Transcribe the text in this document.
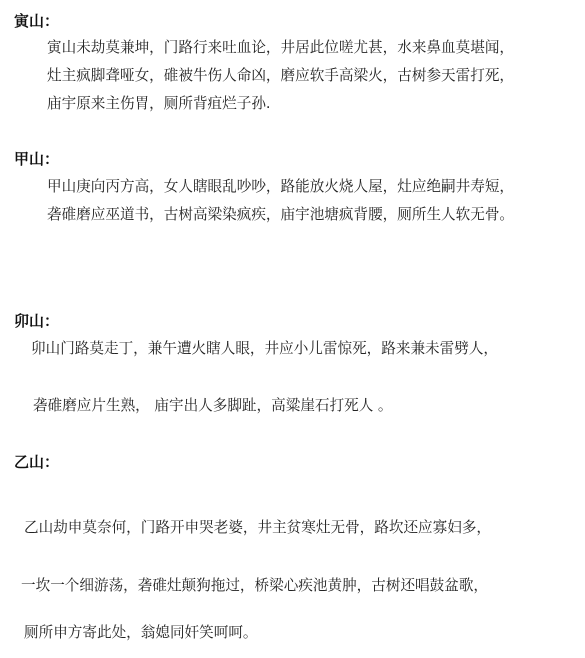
寅山：
寅山未劫莫兼坤，门路行来吐血论，井居此位嗟尤甚，水来鼻血莫堪闻，
灶主疯脚聋哑女，碓被牛伤人命凶，磨应软手高梁火，古树参天雷打死，
庙宇原来主伤胃，厕所背疽烂子孙.
甲山：
甲山庚向丙方高，女人瞎眼乱吵吵，路能放火烧人屋，灶应绝嗣井寿短，
砻碓磨应巫道书，古树高梁染疯疾，庙宇池塘疯背腰，厕所生人软无骨。
卯山：
卯山门路莫走丁，兼午遭火瞎人眼，井应小儿雷惊死，路来兼未雷劈人，
砻碓磨应片生熟， 庙宇出人多脚趾，高粱崖石打死人 。
乙山：
乙山劫申莫奈何，门路开申哭老婆，井主贫寒灶无骨，路坎还应寡妇多，
一坎一个细游荡，砻碓灶颠狗拖过，桥梁心疾池黄肿，古树还唱鼓盆歌，
厕所申方寄此处，翁媳同奸笑呵呵。
